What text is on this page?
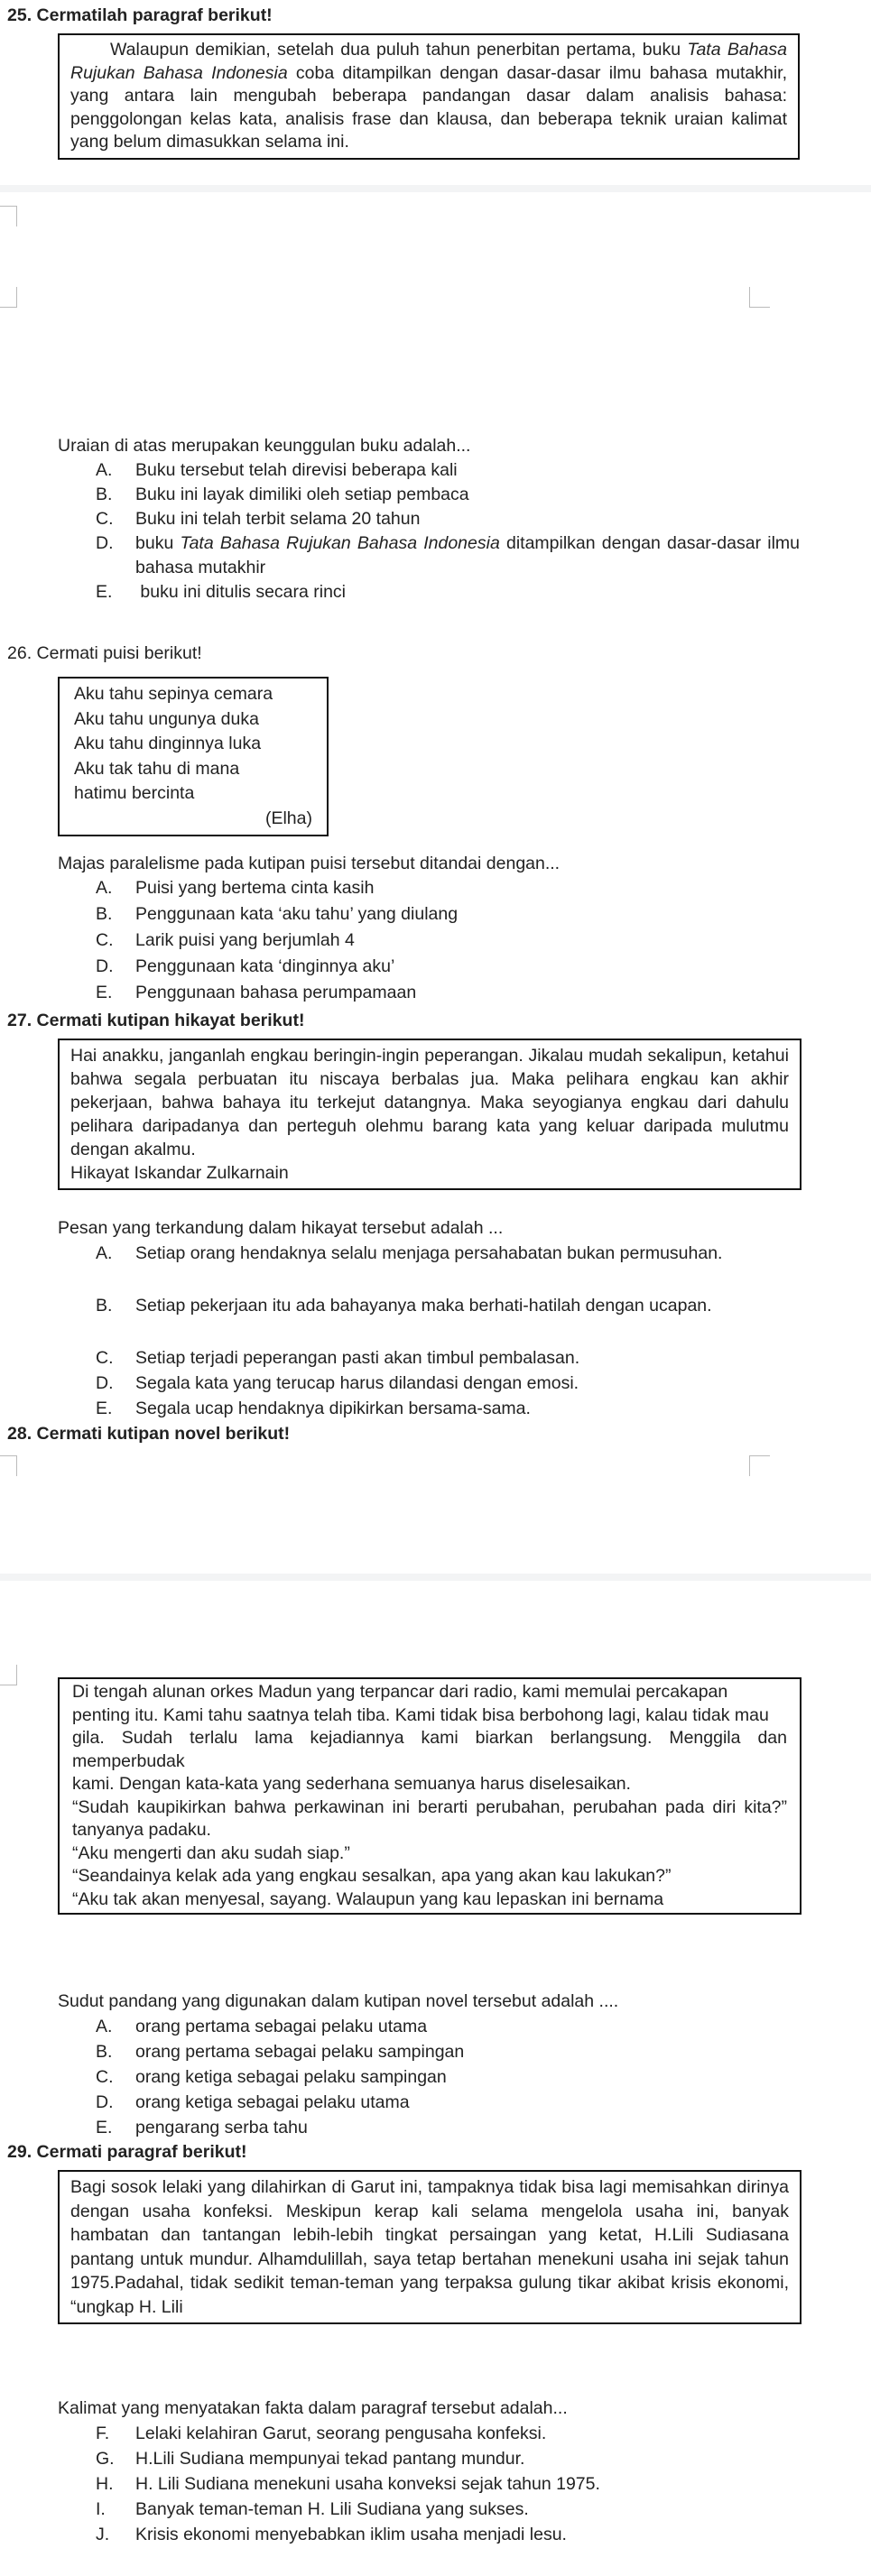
25. Cermatilah paragraf berikut!
Walaupun demikian, setelah dua puluh tahun penerbitan pertama, buku Tata Bahasa Rujukan Bahasa Indonesia coba ditampilkan dengan dasar-dasar ilmu bahasa mutakhir, yang antara lain mengubah beberapa pandangan dasar dalam analisis bahasa: penggolongan kelas kata, analisis frase dan klausa, dan beberapa teknik uraian kalimat yang belum dimasukkan selama ini.
Uraian di atas merupakan keunggulan buku adalah...
A.	Buku tersebut telah direvisi beberapa kali
B.	Buku ini layak dimiliki oleh setiap pembaca
C.	Buku ini telah terbit selama 20 tahun
D.	buku Tata Bahasa Rujukan Bahasa Indonesia ditampilkan dengan dasar-dasar ilmu bahasa mutakhir
E.	buku ini ditulis secara rinci
26. Cermati puisi berikut!
Aku tahu sepinya cemara
Aku tahu ungunya duka
Aku tahu dinginnya luka
Aku tak tahu di mana
hatimu bercinta
(Elha)
Majas paralelisme pada kutipan puisi tersebut ditandai dengan...
A.	Puisi yang bertema cinta kasih
B.	Penggunaan kata ‘aku tahu’ yang diulang
C.	Larik puisi yang berjumlah 4
D.	Penggunaan kata ‘dinginnya aku’
E.	Penggunaan bahasa perumpamaan
27. Cermati kutipan hikayat berikut!
Hai anakku, janganlah engkau beringin-ingin peperangan. Jikalau mudah sekalipun, ketahui bahwa segala perbuatan itu niscaya berbalas jua. Maka pelihara engkau kan akhir pekerjaan, bahwa bahaya itu terkejut datangnya. Maka seyogianya engkau dari dahulu pelihara daripadanya dan perteguh olehmu barang kata yang keluar daripada mulutmu dengan akalmu.
Hikayat Iskandar Zulkarnain
Pesan yang terkandung dalam hikayat tersebut adalah ...
A.	Setiap orang hendaknya selalu menjaga persahabatan bukan permusuhan.
B.	Setiap pekerjaan itu ada bahayanya maka berhati-hatilah dengan ucapan.
C.	Setiap terjadi peperangan pasti akan timbul pembalasan.
D.	Segala kata yang terucap harus dilandasi dengan emosi.
E.	Segala ucap hendaknya dipikirkan bersama-sama.
28. Cermati kutipan novel berikut!
Di tengah alunan orkes Madun yang terpancar dari radio, kami memulai percakapan
penting itu. Kami tahu saatnya telah tiba. Kami tidak bisa berbohong lagi, kalau tidak mau
gila. Sudah terlalu lama kejadiannya kami biarkan berlangsung. Menggila dan memperbudak
kami. Dengan kata-kata yang sederhana semuanya harus diselesaikan.
“Sudah kaupikirkan bahwa perkawinan ini berarti perubahan, perubahan pada diri kita?” tanyanya padaku.
“Aku mengerti dan aku sudah siap.”
“Seandainya kelak ada yang engkau sesalkan, apa yang akan kau lakukan?”
“Aku tak akan menyesal, sayang. Walaupun yang kau lepaskan ini bernama
Sudut pandang yang digunakan dalam kutipan novel tersebut adalah ....
A.	orang pertama sebagai pelaku utama
B.	orang pertama sebagai pelaku sampingan
C.	orang ketiga sebagai pelaku sampingan
D.	orang ketiga sebagai pelaku utama
E.	pengarang serba tahu
29. Cermati paragraf berikut!
Bagi sosok lelaki yang dilahirkan di Garut ini, tampaknya tidak bisa lagi memisahkan dirinya dengan usaha konfeksi. Meskipun kerap kali selama mengelola usaha ini, banyak hambatan dan tantangan lebih-lebih tingkat persaingan yang ketat, H.Lili Sudiasana pantang untuk mundur. Alhamdulillah, saya tetap bertahan menekuni usaha ini sejak tahun 1975.Padahal, tidak sedikit teman-teman yang terpaksa gulung tikar akibat krisis ekonomi, “ungkap H. Lili
Kalimat yang menyatakan fakta dalam paragraf tersebut adalah...
F.	Lelaki kelahiran Garut, seorang pengusaha konfeksi.
G.	H.Lili Sudiana mempunyai tekad pantang mundur.
H.	H. Lili Sudiana menekuni usaha konveksi sejak tahun 1975.
I.	Banyak teman-teman H. Lili Sudiana yang sukses.
J.	Krisis ekonomi menyebabkan iklim usaha menjadi lesu.
